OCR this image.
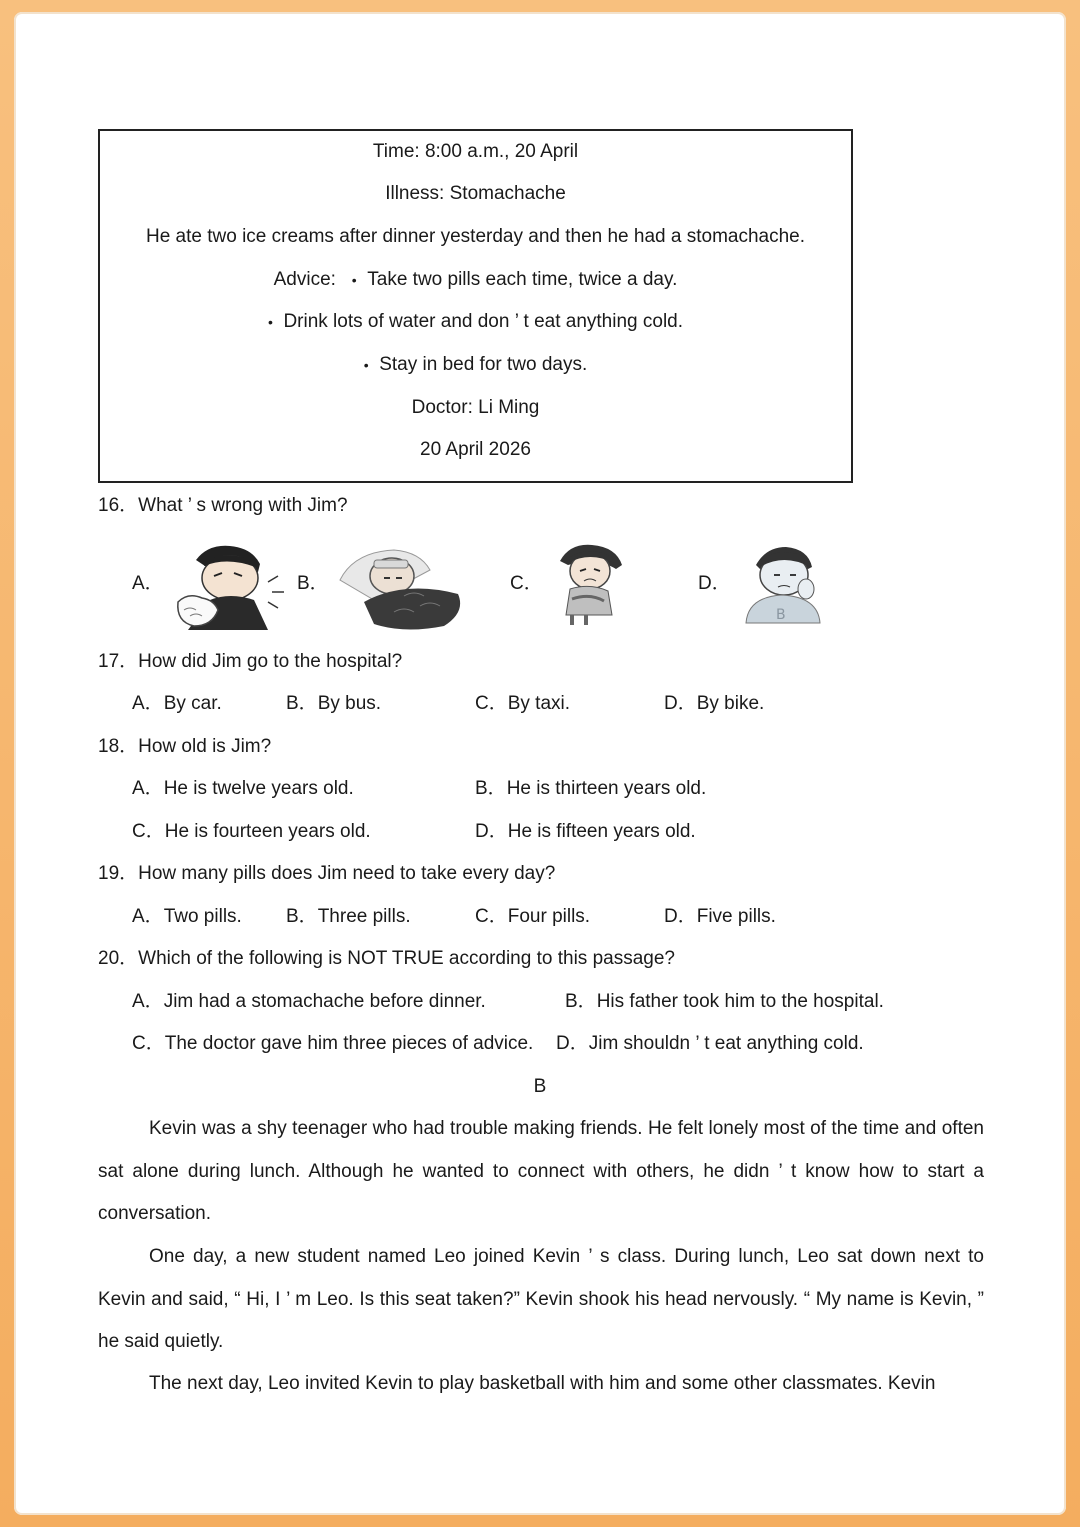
Time: 8:00 a.m., 20 April
Illness: Stomachache
He ate two ice creams after dinner yesterday and then he had a stomachache.
Advice: • Take two pills each time, twice a day.
• Drink lots of water and don ’ t eat anything cold.
• Stay in bed for two days.
Doctor: Li Ming
20 April 2026
16．What ’ s wrong with Jim?
A．	B．	C．	D．
B
17．How did Jim go to the hospital?
A．By car.	B．By bus.	C．By taxi.	D．By bike.
18．How old is Jim?
A．He is twelve years old.	B．He is thirteen years old.
C．He is fourteen years old.	D．He is fifteen years old.
19．How many pills does Jim need to take every day?
A．Two pills. B．Three pills.	C．Four pills.	D．Five pills.
20．Which of the following is NOT TRUE according to this passage?
A．Jim had a stomachache before dinner.	B．His father took him to the hospital.
C．The doctor gave him three pieces of advice. D．Jim shouldn ’ t eat anything cold.
B
Kevin was a shy teenager who had trouble making friends. He felt lonely most of the time and often sat alone during lunch. Although he wanted to connect with others, he didn ’ t know how to start a conversation.
One day, a new student named Leo joined Kevin ’ s class. During lunch, Leo sat down next to Kevin and said, “ Hi, I ’ m Leo. Is this seat taken?” Kevin shook his head nervously. “ My name is Kevin, ” he said quietly.
The next day, Leo invited Kevin to play basketball with him and some other classmates. Kevin
